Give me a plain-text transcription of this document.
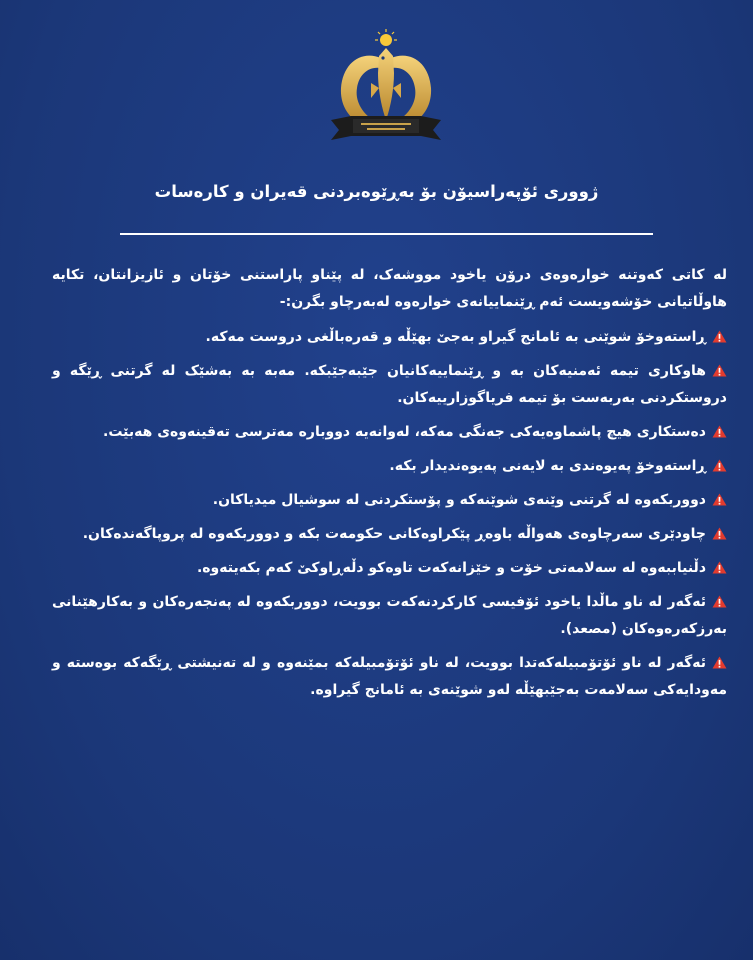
ژووری ئۆپەراسیۆن بۆ بەڕێوەبردنی قەیران و کارەسات

لە کاتی کەوتنە خوارەوەی درۆن یاخود مووشەک، لە پێناو پاراستنی خۆتان و ئازیزانتان، تکایە هاوڵاتیانی خۆشەویست ئەم ڕێنماییانەی خوارەوە لەبەرچاو بگرن:-

ڕاستەوخۆ شوێنی بە ئامانج گیراو بەجێ بهێڵە و قەرەباڵغی دروست مەکە.

هاوکاری تیمە ئەمنیەکان بە و ڕێنماییەکانیان جێبەجێبکە. مەبە بە بەشێک لە گرتنی ڕێگە و دروستکردنی بەربەست بۆ تیمە فریاگوزارییەکان.

دەستکاری هیچ پاشماوەیەکی جەنگی مەکە، لەوانەیە دووبارە مەترسی تەقینەوەی هەبێت.

ڕاستەوخۆ پەیوەندی بە لایەنی پەیوەندیدار بکە.

دووربکەوە لە گرتنی وێنەی شوێنەکە و پۆستکردنی لە سوشیال میدیاکان.

چاودێری سەرچاوەی هەواڵە باوەڕ پێکراوەکانی حکومەت بکە و دووربکەوە لە پروپاگەندەکان.

دڵنیاببەوە لە سەلامەتی خۆت و خێزانەکەت تاوەکو دڵەڕاوکێ کەم بکەیتەوە.

ئەگەر لە ناو ماڵدا یاخود ئۆفیسی کارکردنەکەت بوویت، دووربکەوە لە پەنجەرەکان و بەکارهێنانی بەرزکەرەوەکان (مصعد).

ئەگەر لە ناو ئۆتۆمبیلەکەتدا بوویت، لە ناو ئۆتۆمبیلەکە بمێنەوە و لە تەنیشتی ڕێگەکە بوەستە و مەودایەکی سەلامەت بەجێبهێڵە لەو شوێنەی بە ئامانج گیراوە.
